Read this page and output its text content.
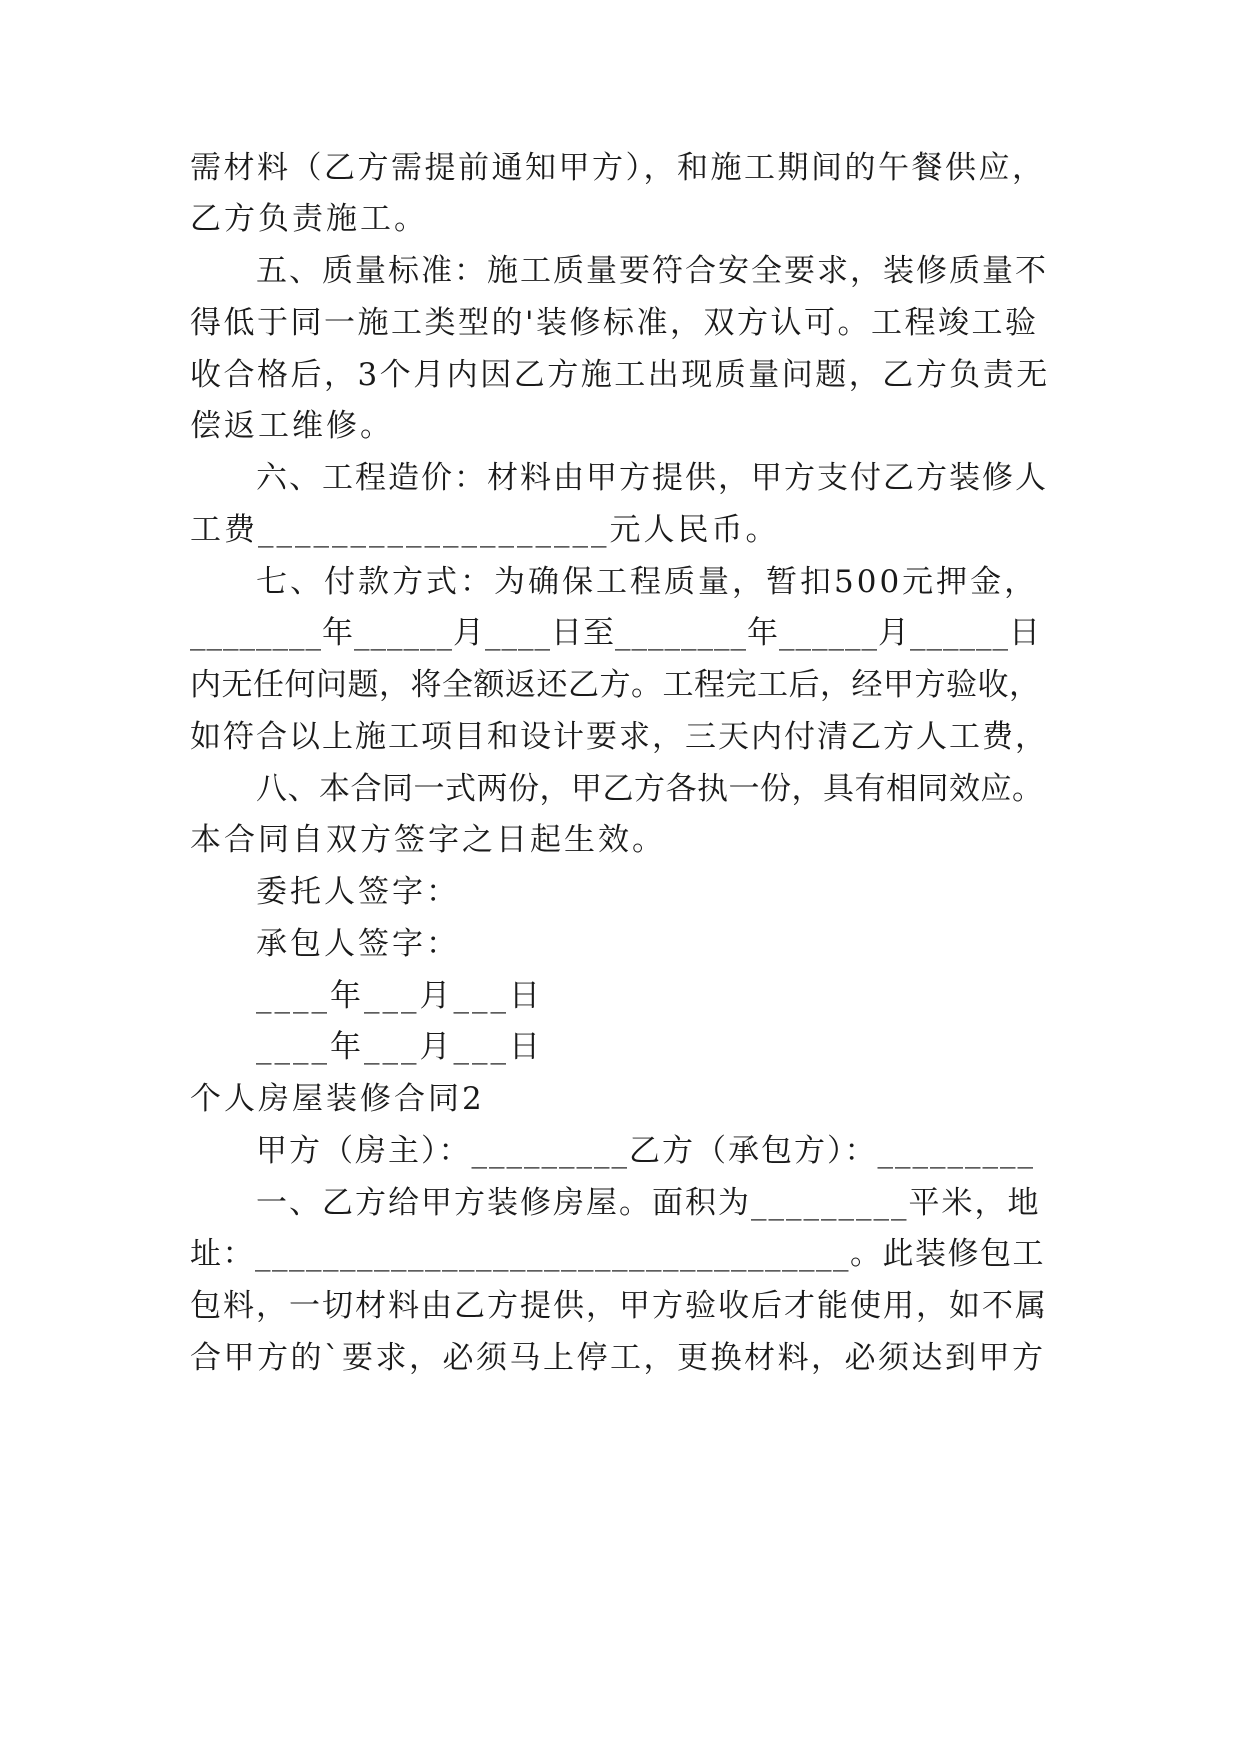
需材料（乙方需提前通知甲方），和施工期间的午餐供应，
乙方负责施工。
五、质量标准：施工质量要符合安全要求，装修质量不
得低于同一施工类型的'装修标准，双方认可。工程竣工验
收合格后，3个月内因乙方施工出现质量问题，乙方负责无
偿返工维修。
六、工程造价：材料由甲方提供，甲方支付乙方装修人
工费___________________元人民币。
七、付款方式：为确保工程质量，暂扣500元押金，
________年______月____日至________年______月______日
内无任何问题，将全额返还乙方。工程完工后，经甲方验收，
如符合以上施工项目和设计要求，三天内付清乙方人工费，
八、本合同一式两份，甲乙方各执一份，具有相同效应。
本合同自双方签字之日起生效。
委托人签字：
承包人签字：
____年___月___日
____年___月___日
个人房屋装修合同2
甲方（房主）：_________乙方（承包方）：_________
一、乙方给甲方装修房屋。面积为_________平米，地
址：___________________________________。此装修包工
包料，一切材料由乙方提供，甲方验收后才能使用，如不属
合甲方的`要求，必须马上停工，更换材料，必须达到甲方
